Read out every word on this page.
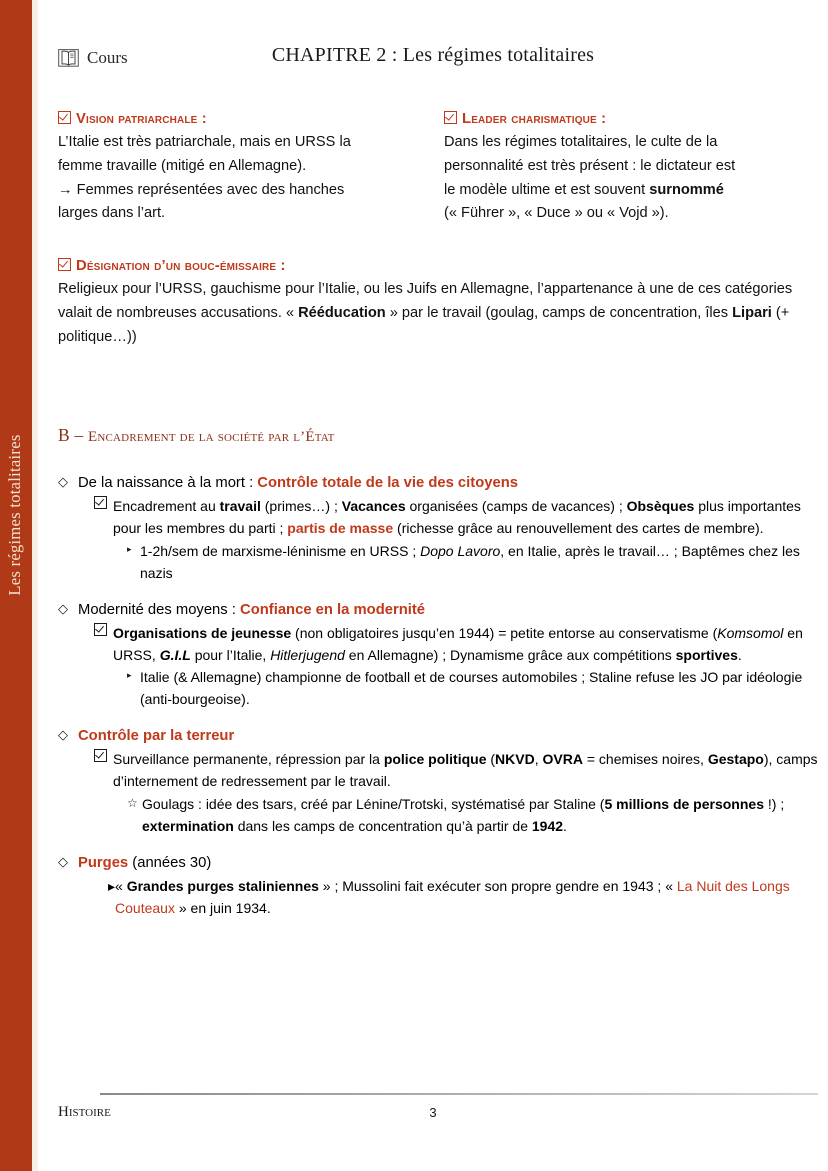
Les régimes totalitaires
Cours	CHAPITRE 2 : Les régimes totalitaires
Vision patriarchale :
L’Italie est très patriarchale, mais en URSS la
femme travaille (mitigé en Allemagne).
→ Femmes représentées avec des hanches
larges dans l’art.
Leader charismatique :
Dans les régimes totalitaires, le culte de la
personnalité est très présent : le dictateur est
le modèle ultime et est souvent surnommé
(« Führer », « Duce » ou « Vojd »).
Désignation d’un bouc-émissaire :
Religieux pour l’URSS, gauchisme pour l’Italie, ou les Juifs en Allemagne, l’appartenance à une de ces catégories valait de nombreuses accusations. « Rééducation » par le travail (goulag, camps de concentration, îles Lipari (+ politique…))
B – Encadrement de la société par l’État
◇ De la naissance à la mort : Contrôle totale de la vie des citoyens
Encadrement au travail (primes…) ; Vacances organisées (camps de vacances) ; Obsèques plus importantes pour les membres du parti ; partis de masse (richesse grâce au renouvellement des cartes de membre).
▸ 1-2h/sem de marxisme-léninisme en URSS ; Dopo Lavoro, en Italie, après le travail… ; Baptêmes chez les nazis
◇ Modernité des moyens : Confiance en la modernité
Organisations de jeunesse (non obligatoires jusqu’en 1944) = petite entorse au conservatisme (Komsomol en URSS, G.I.L pour l’Italie, Hitlerjugend en Allemagne) ; Dynamisme grâce aux compétitions sportives.
▸ Italie (& Allemagne) championne de football et de courses automobiles ; Staline refuse les JO par idéologie (anti-bourgeoise).
◇ Contrôle par la terreur
Surveillance permanente, répression par la police politique (NKVD, OVRA = chemises noires, Gestapo), camps d’internement de redressement par le travail.
☆ Goulags : idée des tsars, créé par Lénine/Trotski, systématisé par Staline (5 millions de personnes !) ; extermination dans les camps de concentration qu’à partir de 1942.
◇ Purges (années 30)
▸ « Grandes purges staliniennes » ; Mussolini fait exécuter son propre gendre en 1943 ; « La Nuit des Longs Couteaux » en juin 1934.
Histoire	3
